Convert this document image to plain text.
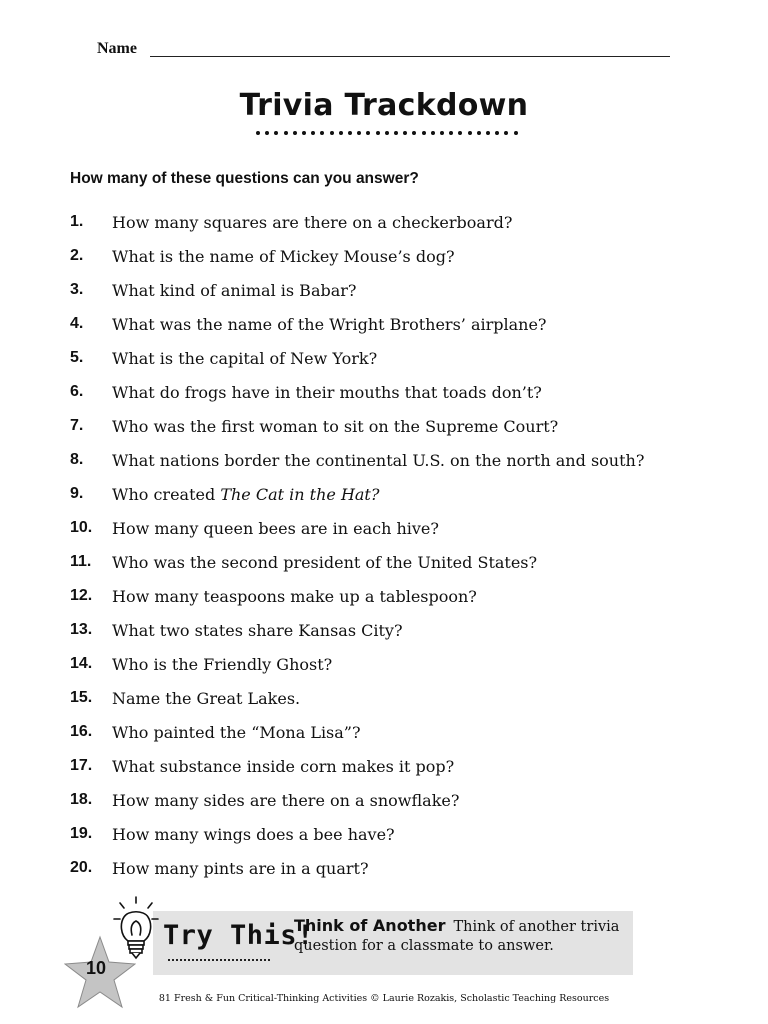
Name
Trivia Trackdown
How many of these questions can you answer?
1.	How many squares are there on a checkerboard?
2.	What is the name of Mickey Mouse’s dog?
3.	What kind of animal is Babar?
4.	What was the name of the Wright Brothers’ airplane?
5.	What is the capital of New York?
6.	What do frogs have in their mouths that toads don’t?
7.	Who was the first woman to sit on the Supreme Court?
8.	What nations border the continental U.S. on the north and south?
9.	Who created The Cat in the Hat?
10.	How many queen bees are in each hive?
11.	Who was the second president of the United States?
12.	How many teaspoons make up a tablespoon?
13.	What two states share Kansas City?
14.	Who is the Friendly Ghost?
15.	Name the Great Lakes.
16.	Who painted the “Mona Lisa”?
17.	What substance inside corn makes it pop?
18.	How many sides are there on a snowflake?
19.	How many wings does a bee have?
20.	How many pints are in a quart?
Try This!
Think of Another Think of another trivia question for a classmate to answer.
10
81 Fresh & Fun Critical-Thinking Activities © Laurie Rozakis, Scholastic Teaching Resources
